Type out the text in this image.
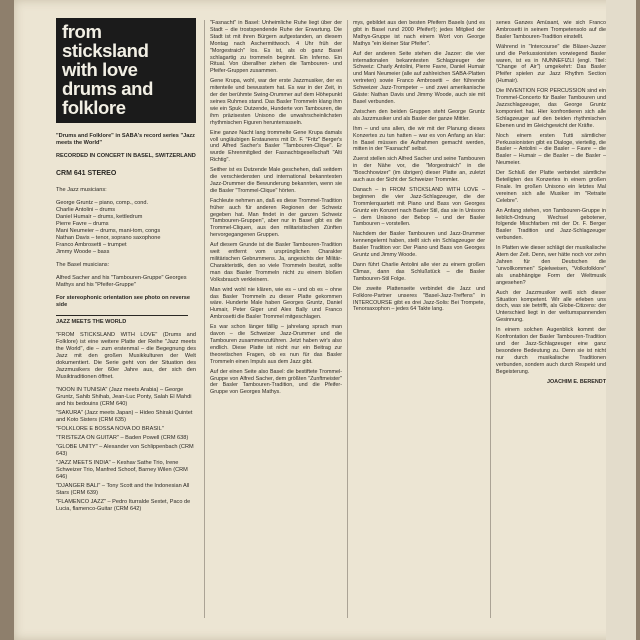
from sticksland
with love
drums and
folklore
"Drums and Folklore" in SABA's record series "Jazz meets the World"
RECORDED IN CONCERT IN BASEL, SWITZERLAND
CRM 641 STEREO
The Jazz musicians:
George Gruntz – piano, comp., cond.
Charlie Antolini – drums
Daniel Humair – drums, kettledrum
Pierre Favre – drums
Mani Neumeier – drums, mani-tom, congs
Nathan Davis – tenor, soprano saxophone
Franco Ambrosetti – trumpet
Jimmy Woode – bass
The Basel musicians:
Alfred Sacher and his "Tambouren-Gruppe" Georges Mathys and his "Pfeifer-Gruppe"
For stereophonic orientation see photo on reverse side
JAZZ MEETS THE WORLD
"FROM STICKSLAND WITH LOVE" (Drums and Folklore) ist eine weitere Platte der Reihe "Jazz meets the World", die – zum erstenmal – die Begegnung des Jazz mit den großen Musikkulturen der Welt dokumentiert. Die Serie geht von der Situation des Jazzmusikers der 60er Jahre aus, der sich den Musiktraditionen öffnet.
"NOON IN TUNISIA" (Jazz meets Arabia) – George Gruntz, Sahib Shihab, Jean-Luc Ponty, Salah El Mahdi and his bedouins (CRM 640)
"SAKURA" (Jazz meets Japan) – Hideo Shiraki Quintet and Koto Sisters (CRM 635)
"FOLKLORE E BOSSA NOVA DO BRASIL"
"TRISTEZA ON GUITAR" – Baden Powell (CRM 638)
"GLOBE UNITY" – Alexander von Schlippenbach (CRM 643)
"JAZZ MEETS INDIA" – Keshav Sathe Trio, Irene Schweizer Trio, Manfred Schoof, Barney Wilen (CRM 646)
"DJANGER BALI" – Tony Scott and the Indonesian All Stars (CRM 639)
"FLAMENCO JAZZ" – Pedro Iturralde Sextet, Paco de Lucia, flamenco-Guitar (CRM 642)

"Fasnacht" in Basel: Unheimliche Ruhe liegt über der Stadt – die trostspendende Ruhe der Erwartung. Die Stadt ist mit ihren Bürgern aufgestanden, an diesem Montag nach Aschermittwoch. 4 Uhr früh der "Morgestraich" los. Es ist, als ob ganz Basel schlagartig zu trommeln beginnt. Ein Inferno. Ein Ritual. Von überallher ziehen die Tambouren- und Pfeifer-Gruppen zusammen.

Gene Krupa, wohl, war der erste Jazzmusiker, der es mitenteile und bewusstem hat. Es war in der Zeit, in der der berühmte Swing-Drummer auf dem Höhepunkt seines Ruhmes stand. Das Basler Trommeln klang ihm wie ein Spuk: Dutzende, Hunderte von Tambouren, die ihm präzisesten Unisono die unwahrscheinlichsten rhythmischen Figuren herunterrasseln.

Eine ganze Nacht lang trommelte Gene Krupa damals voll ungläubigen Erstaunens mit Dr. F. "Fritz" Berger's und Alfred Sacher's Basler "Tambouren-Clique". Er wurde Ehrenmitglied der Fasnachtsgesellschaft "Alti Richtig".

Seither ist es Dutzende Male geschehen, daß seitdem die verschiedensten und international bekanntesten Jazz-Drummer die Bewunderung bekannten, wenn sie die Basler "Trommel-Clique" hörten.

Fachleute nehmen an, daß es diese Trommel-Tradition früher auch für anderen Regionen der Schweiz gegeben hat. Man findet in der ganzen Schweiz "Tambouren-Gruppen", aber nur in Basel gibt es die Trommel-Cliquen, aus den militaristischen Zünften hervorgegangenen Gruppen.

Auf diesem Grunde ist die Basler Tambouren-Tradition weit entfernt vom ursprünglichen Charakter militärischen Gebrummens. Ja, angesichts der Militär-Charakteristik, den so viele Trommeln besitzt, sollte man das Basler Trommeln nicht zu einem bloßen Volksbrauch verkleinern.

Man wird wohl nie klären, wie es – und ob es – ohne das Basler Trommeln zu dieser Platte gekommen wäre. Hunderte Male haben Georges Gruntz, Daniel Humair, Peter Giger und Alex Bally und Franco Ambrosetti die Basler Trommel mitgeschlagen.

Es war schon länger fällig – jahrelang sprach man davon – die Schweizer Jazz-Drummer und die Tambouren zusammenzuführen. Jetzt haben wir's also endlich. Diese Platte ist nicht nur ein Beitrag zur theoretischen Fragen, ob es nun für das Basler Trommeln einen Impuls aus dem Jazz gibt.

Auf der einen Seite also Basel: die bestiftete Trommel-Gruppe von Alfred Sacher, dem größten "Zunftmeister" der Basler Tambouren-Tradition, und die Pfeifer-Gruppe von Georges Mathys.

mys, gebildet aus den besten Pfeifern Basels (und es gibt in Basel rund 2000 Pfeifer!); jedes Mitglied der Mathys-Gruppe ist nach einem Wort von George Mathys "ein kleiner Star Pfeifer".

Auf der anderen Seite stehen die Jazzer: die vier internationalen bekanntesten Schlagzeuger der Schweiz: Charly Antolini, Pierre Favre, Daniel Humair und Mani Neumeier (alle auf zahlreichen SABA-Platten vertreten) sowie Franco Ambrosetti – der führende Schweizer Jazz-Trompeter – und zwei amerikanische Gäste: Nathan Davis und Jimmy Woode, auch sie mit Basel verbunden.

Zwischen den beiden Gruppen steht George Gruntz als Jazzmusiker und als Basler der ganze Mittler.

Ihm – und uns allen, die wir mit der Planung dieses Konzertes zu tun hatten – war es von Anfang an klar: In Basel müssen die Aufnahmen gemacht werden, mitten in der "Fasnacht" selbst.

Zuerst stellen sich Alfred Sacher und seine Tambouren in der Nähe vor, die "Morgestraich" in die "Boschhowizer" (im übrigen) dieser Platte an, zuletzt auch aus der Sicht der Schweizer Trommler.

Danach – in FROM STICKSLAND WITH LOVE – beginnen die vier Jazz-Schlagzeuger, die der Trommlerquartett mit Piano und Bass von Georges Gruntz ein Konzert nach Basler Stil, das sie in Unisono – dem Unisono der Bebop – und der Basler Tambouren – vorstellen.

Nachdem der Basler Tambouren und Jazz-Drummer kennengelernt haben, stellt sich ein Schlagzeuger der Basler Tradition vor: Der Piano und Bass von Georges Gruntz und Jimmy Woode.

Dann führt Charlie Antolini alle vier zu einem großen Climax, dann das Schlußstück – die Basler Tambouren-Stil Folge.

Die zweite Plattenseite verbindet die Jazz und Folklore-Partner unseres "Basel-Jazz-Treffens" in INTERCOURSE gibt es drei Jazz-Solis: Bei Trompete, Tenorsaxophon – jedes 64 Takte lang.

senes Ganzes Amüsant, wie sich Franco Ambrosetti in seinem Trompetensolo auf die Basler Tambouren-Tradition einstellt.

Während in "Intercourse" die Bläser-Jazzer und die Perkussionisten vorwiegend Basler waren, ist es in NUNNEFIZLI (engl. Titel: "Change of Air") umgekehrt: Das Basler Pfeifer spielen zur Jazz Rhythm Section (Humair).

Die INVENTION FOR PERCUSSION sind ein Trommel-Concerto für Basler Tambouren und Jazzschlagzeuger, das George Gruntz komponiert hat. Hier konfrontieren sich alle Schlagzeuger auf den beiden rhythmischen Ebenen und im Gleichgewicht der Kräfte.

Noch einem ersten Tutti sämtlicher Perkussionisten gibt es Dialoge, vierteilig, die Basler – Antolini – die Basler – Favre – die Basler – Humair – die Basler – die Basler – Neumeier.

Der Schluß der Platte verbindet sämtliche Beteiligten des Konzertes in einem großen Finale. Im großen Unisono ein letztes Mal vereinen sich alle Musiker im "Retraite Celebre".

An Anfang stehen, von Tambouren-Gruppe in lieblich-Ordnung Wechsel gebotener, folgende Mischfarben mit der Dr. F. Berger Basler Tradition und Jazz-Schlagzeuger verbunden.

In Platten wie dieser schlägt der musikalische Atem der Zeit. Denn, wer hätte noch vor zehn Jahren für den Deutschen die "unvollkommen" Spielweisen, "Volksfolklore" als unabhängige Form der Weltmusik angesehen?

Auch der Jazzmusiker weiß sich dieser Situation kompetent. Wir alle erleben uns doch, was sie betrifft, als Globe-Citizens: der Unterschied liegt in der weltumspannenden Gesinnung.

In einem solchen Augenblick kommt der Konfrontation der Basler Tambouren-Tradition und der Jazz-Schlagzeuger eine ganz besondere Bedeutung zu. Denn sie ist nicht nur durch musikalische Traditionen verbunden, sondern auch durch Respekt und Begeisterung.

JOACHIM E. BERENDT
